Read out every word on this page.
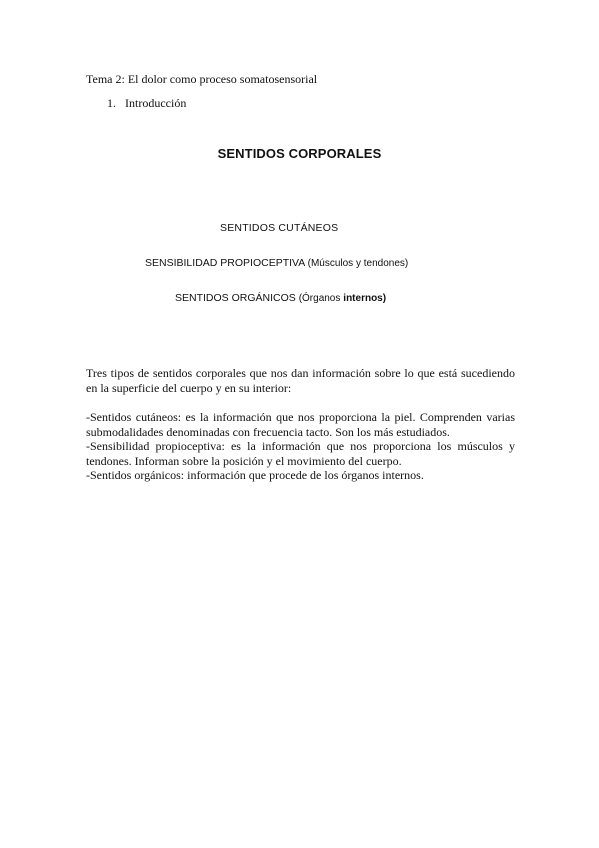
Tema 2: El dolor como proceso somatosensorial
1. Introducción
SENTIDOS CORPORALES
SENTIDOS CUTÁNEOS
SENSIBILIDAD PROPIOCEPTIVA (Músculos y tendones)
SENTIDOS ORGÁNICOS (Órganos internos)
Tres tipos de sentidos corporales que nos dan información sobre lo que está sucediendo en la superficie del cuerpo y en su interior:
-Sentidos cutáneos: es la información que nos proporciona la piel. Comprenden varias submodalidades denominadas con frecuencia tacto. Son los más estudiados.
-Sensibilidad propioceptiva: es la información que nos proporciona los músculos y tendones. Informan sobre la posición y el movimiento del cuerpo.
-Sentidos orgánicos: información que procede de los órganos internos.
